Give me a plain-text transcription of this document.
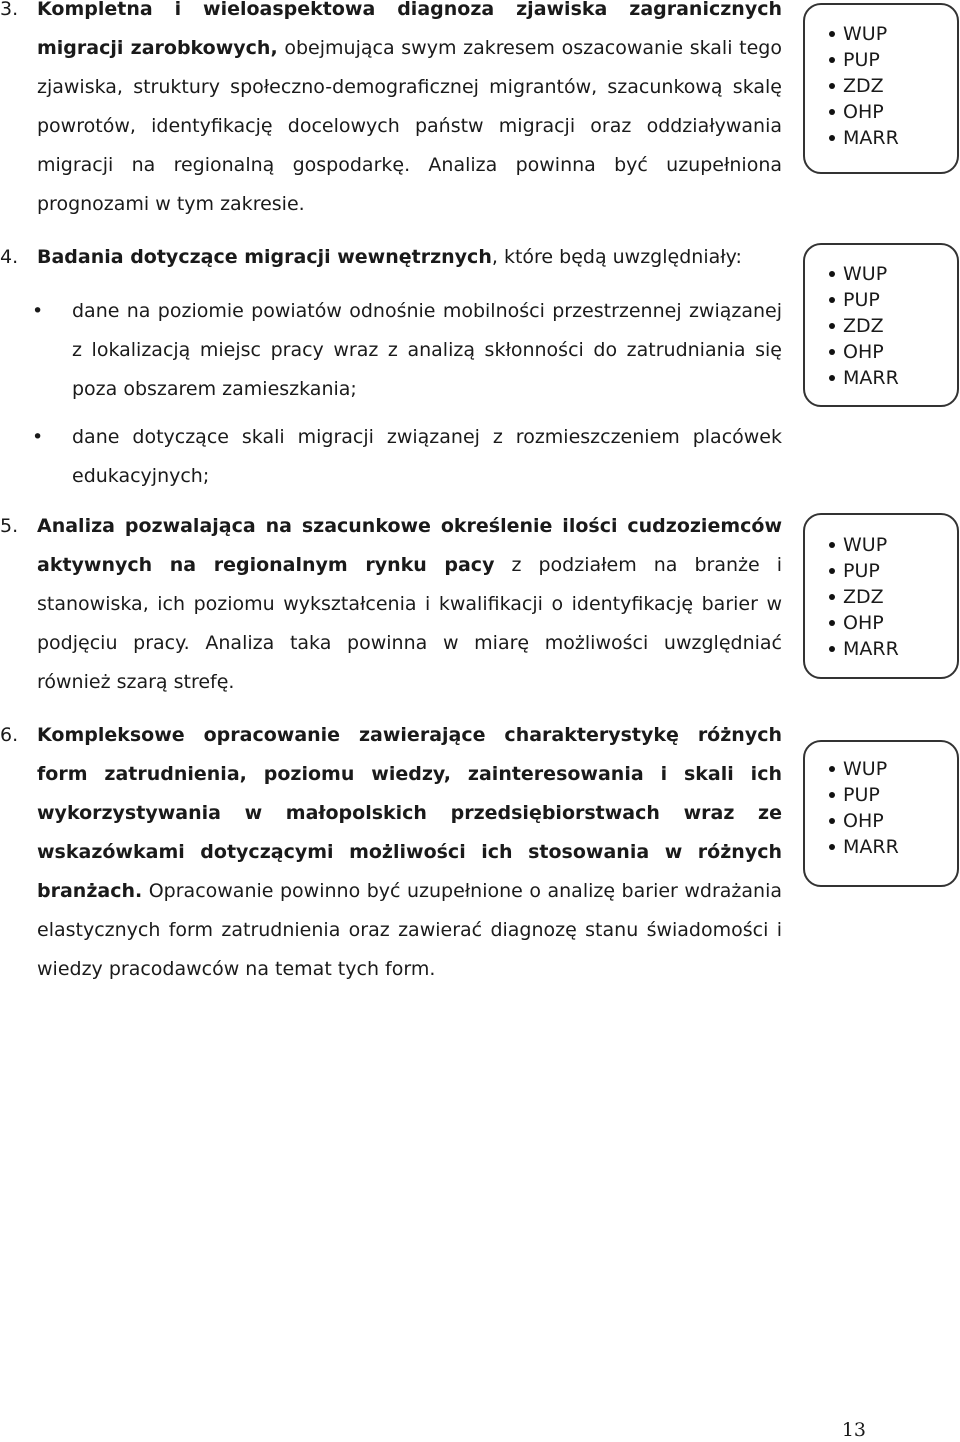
3. Kompletna i wieloaspektowa diagnoza zjawiska zagranicznych migracji zarobkowych, obejmująca swym zakresem oszacowanie skali tego zjawiska, struktury społeczno-demograficznej migrantów, szacunkową skalę powrotów, identyfikację docelowych państw migracji oraz oddziaływania migracji na regionalną gospodarkę. Analiza powinna być uzupełniona prognozami w tym zakresie.
WUP
PUP
ZDZ
OHP
MARR
4. Badania dotyczące migracji wewnętrznych, które będą uwzględniały:
• dane na poziomie powiatów odnośnie mobilności przestrzennej związanej z lokalizacją miejsc pracy wraz z analizą skłonności do zatrudniania się poza obszarem zamieszkania;
• dane dotyczące skali migracji związanej z rozmieszczeniem placówek edukacyjnych;
WUP
PUP
ZDZ
OHP
MARR
5. Analiza pozwalająca na szacunkowe określenie ilości cudzoziemców aktywnych na regionalnym rynku pacy z podziałem na branże i stanowiska, ich poziomu wykształcenia i kwalifikacji o identyfikację barier w podjęciu pracy. Analiza taka powinna w miarę możliwości uwzględniać również szarą strefę.
WUP
PUP
ZDZ
OHP
MARR
6. Kompleksowe opracowanie zawierające charakterystykę różnych form zatrudnienia, poziomu wiedzy, zainteresowania i skali ich wykorzystywania w małopolskich przedsiębiorstwach wraz ze wskazówkami dotyczącymi możliwości ich stosowania w różnych branżach. Opracowanie powinno być uzupełnione o analizę barier wdrażania elastycznych form zatrudnienia oraz zawierać diagnozę stanu świadomości i wiedzy pracodawców na temat tych form.
WUP
PUP
OHP
MARR
13
